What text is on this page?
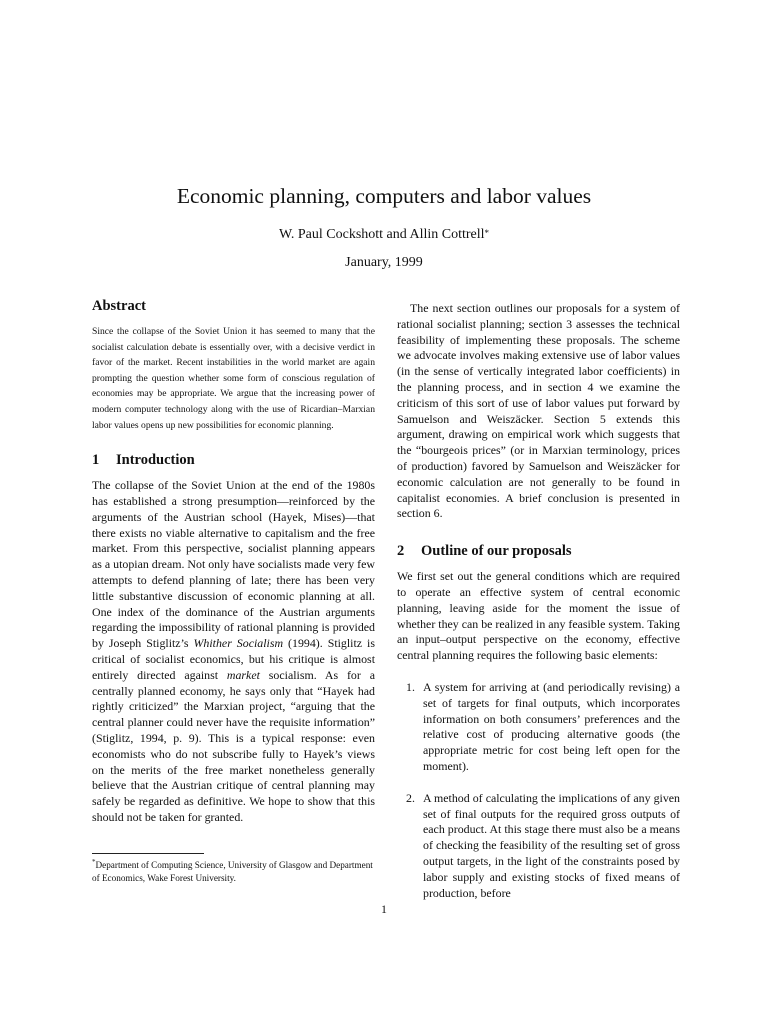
Economic planning, computers and labor values
W. Paul Cockshott and Allin Cottrell*
January, 1999
Abstract

Since the collapse of the Soviet Union it has seemed to many that the socialist calculation debate is essentially over, with a decisive verdict in favor of the market. Recent instabilities in the world market are again prompting the question whether some form of conscious regulation of economies may be appropriate. We argue that the increasing power of modern computer technology along with the use of Ricardian–Marxian labor values opens up new possibilities for economic planning.

1 Introduction

The collapse of the Soviet Union at the end of the 1980s has established a strong presumption—reinforced by the arguments of the Austrian school (Hayek, Mises)—that there exists no viable alternative to capitalism and the free market. From this perspective, socialist planning appears as a utopian dream. Not only have socialists made very few attempts to defend planning of late; there has been very little substantive discussion of economic planning at all. One index of the dominance of the Austrian arguments regarding the impossibility of rational planning is provided by Joseph Stiglitz’s Whither Socialism (1994). Stiglitz is critical of socialist economics, but his critique is almost entirely directed against market socialism. As for a centrally planned economy, he says only that “Hayek had rightly criticized” the Marxian project, “arguing that the central planner could never have the requisite information” (Stiglitz, 1994, p. 9). This is a typical response: even economists who do not subscribe fully to Hayek’s views on the merits of the free market nonetheless generally believe that the Austrian critique of central planning may safely be regarded as definitive. We hope to show that this should not be taken for granted.

*Department of Computing Science, University of Glasgow and Department of Economics, Wake Forest University.

The next section outlines our proposals for a system of rational socialist planning; section 3 assesses the technical feasibility of implementing these proposals. The scheme we advocate involves making extensive use of labor values (in the sense of vertically integrated labor coefficients) in the planning process, and in section 4 we examine the criticism of this sort of use of labor values put forward by Samuelson and Weiszäcker. Section 5 extends this argument, drawing on empirical work which suggests that the “bourgeois prices” (or in Marxian terminology, prices of production) favored by Samuelson and Weiszäcker for economic calculation are not generally to be found in capitalist economies. A brief conclusion is presented in section 6.

2 Outline of our proposals

We first set out the general conditions which are required to operate an effective system of central economic planning, leaving aside for the moment the issue of whether they can be realized in any feasible system. Taking an input–output perspective on the economy, effective central planning requires the following basic elements:

1. A system for arriving at (and periodically revising) a set of targets for final outputs, which incorporates information on both consumers’ preferences and the relative cost of producing alternative goods (the appropriate metric for cost being left open for the moment).
2. A method of calculating the implications of any given set of final outputs for the required gross outputs of each product. At this stage there must also be a means of checking the feasibility of the resulting set of gross output targets, in the light of the constraints posed by labor supply and existing stocks of fixed means of production, before
1
